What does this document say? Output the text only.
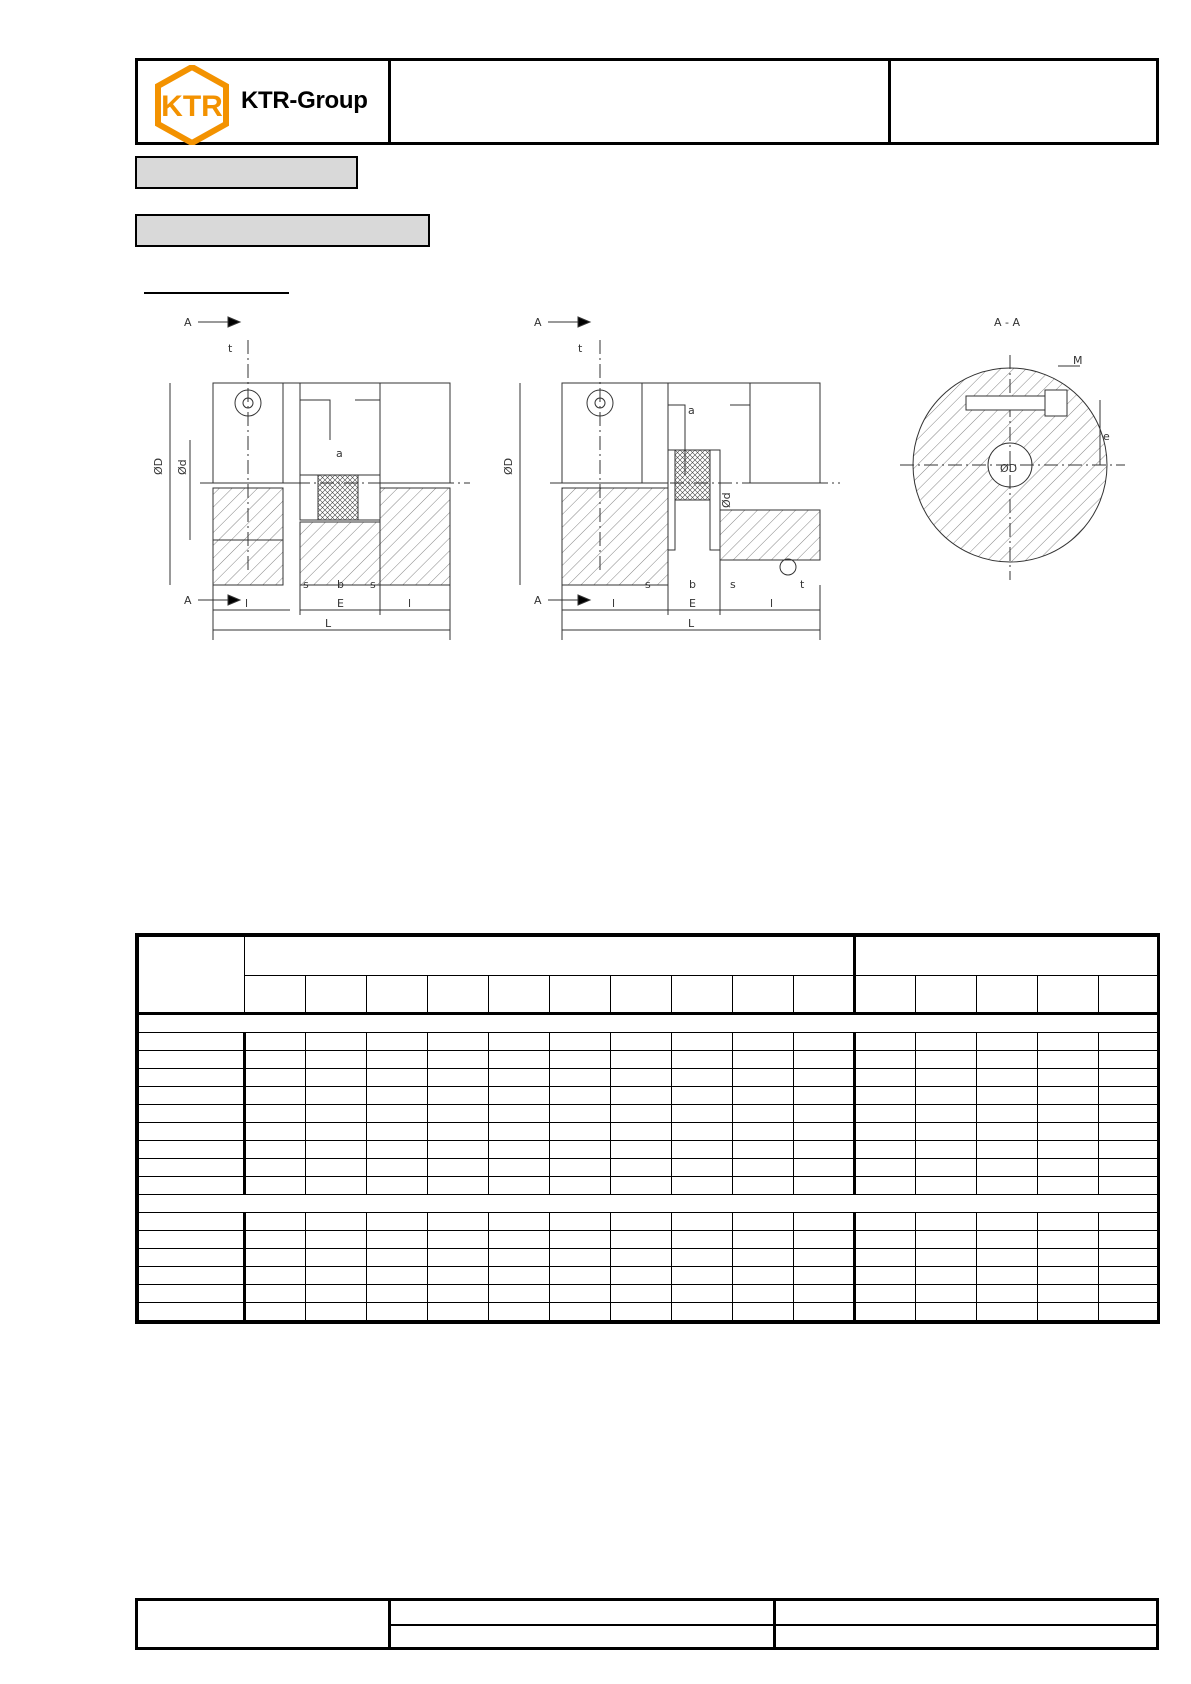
KTR KTR-Group
A
A
L
E
b
s	s
l	l
t
a
ØD Ød
A
A
L
E
b
s	s
l	l
t
a
ØD
Ød
t
A - A
M
e
ØD
